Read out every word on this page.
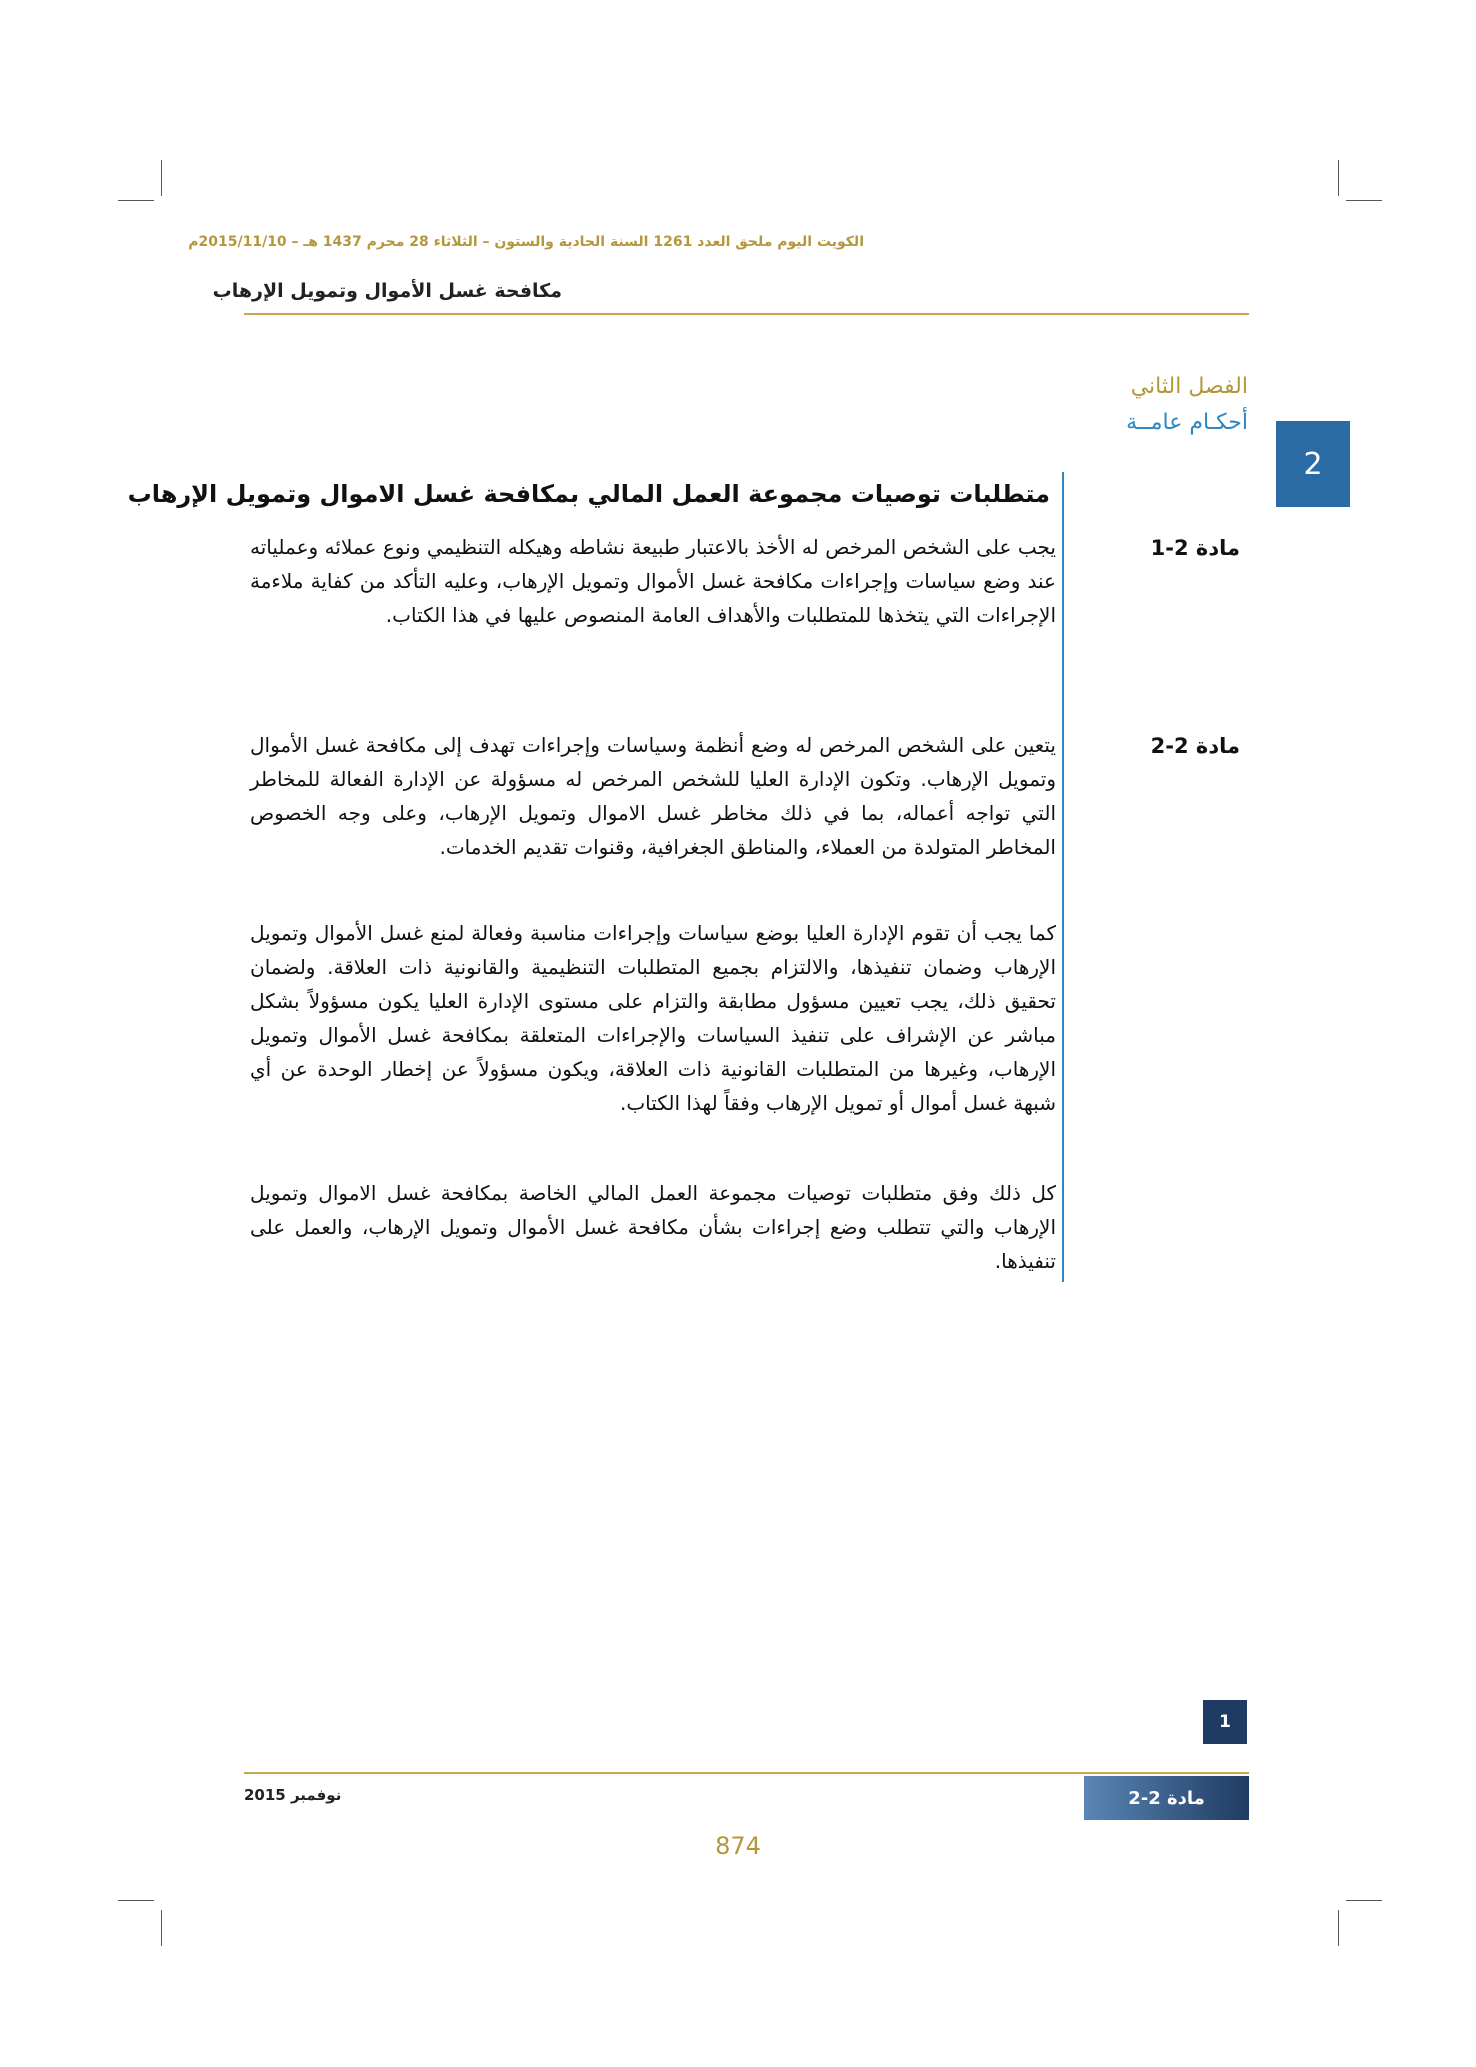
الكويت اليوم ملحق العدد 1261 السنة الحادية والستون – الثلاثاء 28 محرم 1437 هـ – 2015/11/10م
مكافحة غسل الأموال وتمويل الإرهاب
الفصل الثاني
أحكـام عامــة
2
متطلبات توصيات مجموعة العمل المالي بمكافحة غسل الاموال وتمويل الإرهاب
مادة 2-1
يجب على الشخص المرخص له الأخذ بالاعتبار طبيعة نشاطه وهيكله التنظيمي ونوع عملائه وعملياته عند وضع سياسات وإجراءات مكافحة غسل الأموال وتمويل الإرهاب، وعليه التأكد من كفاية ملاءمة الإجراءات التي يتخذها للمتطلبات والأهداف العامة المنصوص عليها في هذا الكتاب.
مادة 2-2
يتعين على الشخص المرخص له وضع أنظمة وسياسات وإجراءات تهدف إلى مكافحة غسل الأموال وتمويل الإرهاب. وتكون الإدارة العليا للشخص المرخص له مسؤولة عن الإدارة الفعالة للمخاطر التي تواجه أعماله، بما في ذلك مخاطر غسل الاموال وتمويل الإرهاب، وعلى وجه الخصوص المخاطر المتولدة من العملاء، والمناطق الجغرافية، وقنوات تقديم الخدمات.
كما يجب أن تقوم الإدارة العليا بوضع سياسات وإجراءات مناسبة وفعالة لمنع غسل الأموال وتمويل الإرهاب وضمان تنفيذها، والالتزام بجميع المتطلبات التنظيمية والقانونية ذات العلاقة. ولضمان تحقيق ذلك، يجب تعيين مسؤول مطابقة والتزام على مستوى الإدارة العليا يكون مسؤولاً بشكل مباشر عن الإشراف على تنفيذ السياسات والإجراءات المتعلقة بمكافحة غسل الأموال وتمويل الإرهاب، وغيرها من المتطلبات القانونية ذات العلاقة، ويكون مسؤولاً عن إخطار الوحدة عن أي شبهة غسل أموال أو تمويل الإرهاب وفقاً لهذا الكتاب.
كل ذلك وفق متطلبات توصيات مجموعة العمل المالي الخاصة بمكافحة غسل الاموال وتمويل الإرهاب والتي تتطلب وضع إجراءات بشأن مكافحة غسل الأموال وتمويل الإرهاب، والعمل على تنفيذها.
1
نوفمبر 2015	مادة 2-2
874
